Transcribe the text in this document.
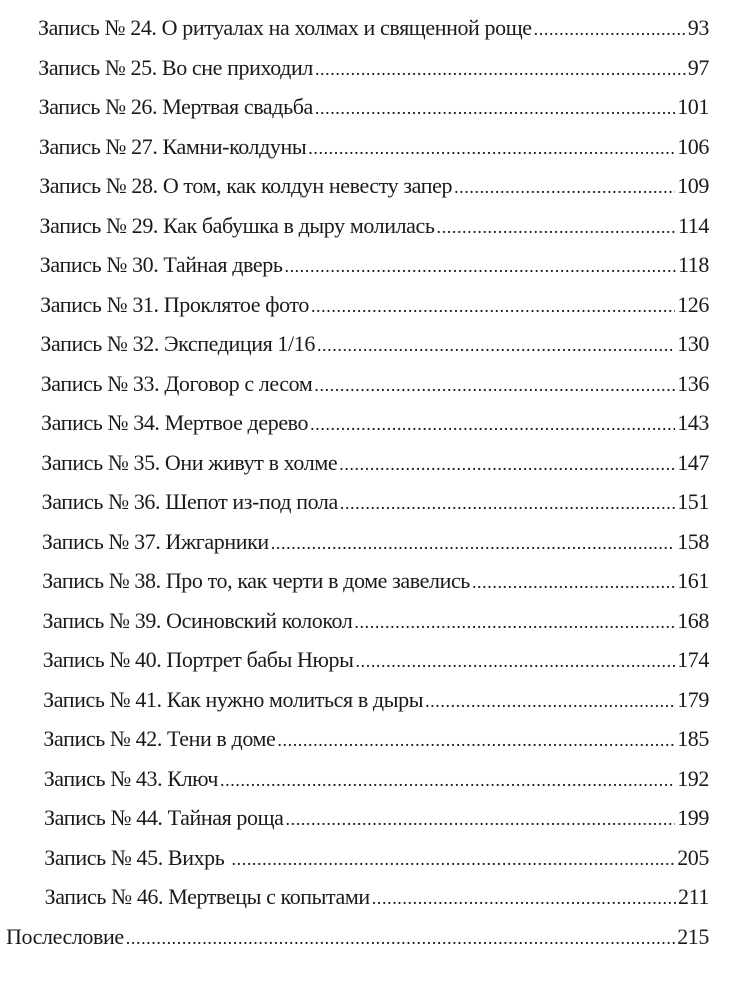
Запись № 24. О ритуалах на холмах и священной роще .....	93
Запись № 25. Во сне приходил .....	97
Запись № 26. Мертвая свадьба .....	101
Запись № 27. Камни-колдуны .....	106
Запись № 28. О том, как колдун невесту запер .....	109
Запись № 29. Как бабушка в дыру молилась .....	114
Запись № 30. Тайная дверь .....	118
Запись № 31. Проклятое фото .....	126
Запись № 32. Экспедиция 1/16 .....	130
Запись № 33. Договор с лесом .....	136
Запись № 34. Мертвое дерево .....	143
Запись № 35. Они живут в холме .....	147
Запись № 36. Шепот из-под пола .....	151
Запись № 37. Ижгарники .....	158
Запись № 38. Про то, как черти в доме завелись .....	161
Запись № 39. Осиновский колокол .....	168
Запись № 40. Портрет бабы Нюры .....	174
Запись № 41. Как нужно молиться в дыры .....	179
Запись № 42. Тени в доме .....	185
Запись № 43. Ключ .....	192
Запись № 44. Тайная роща .....	199
Запись № 45. Вихрь .....	205
Запись № 46. Мертвецы с копытами .....	211
Послесловие .....	215
